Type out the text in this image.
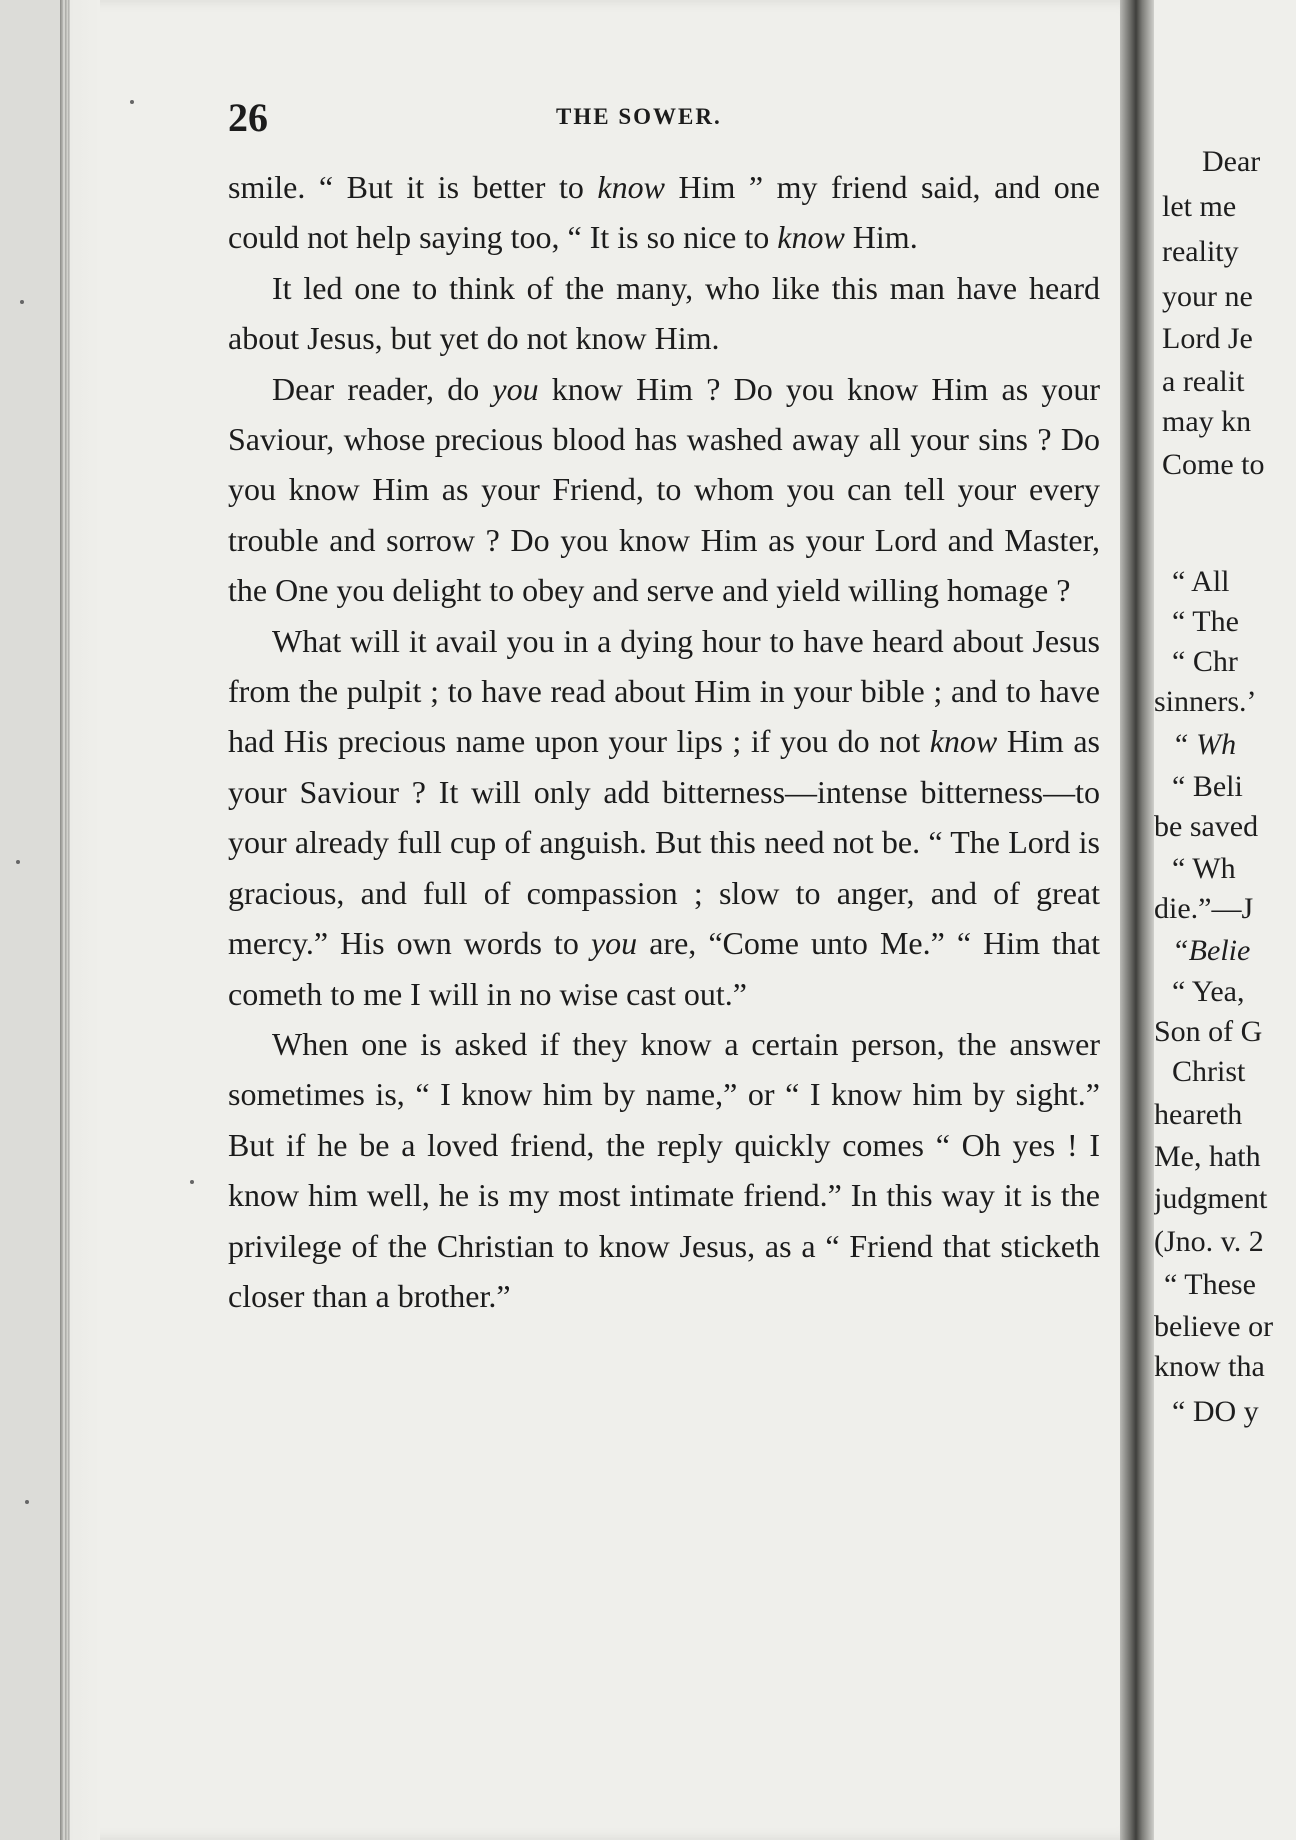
Dear
let me
reality
your ne
Lord Je
a realit
may kn
Come to
“ All
“ The
“ Chr
sinners.’
“ Wh
“ Beli
be saved
“ Wh
die.”—J
“Belie
“ Yea,
Son of G
Christ
heareth
Me, hath
judgment
(Jno. v. 2
“ These
believe or
know tha
“ DO y
26	THE SOWER.

smile. “ But it is better to know Him ” my friend said, and one could not help saying too, “ It is so nice to know Him.

It led one to think of the many, who like this man have heard about Jesus, but yet do not know Him.

Dear reader, do you know Him ? Do you know Him as your Saviour, whose precious blood has washed away all your sins ? Do you know Him as your Friend, to whom you can tell your every trouble and sorrow ? Do you know Him as your Lord and Master, the One you delight to obey and serve and yield willing homage ?

What will it avail you in a dying hour to have heard about Jesus from the pulpit ; to have read about Him in your bible ; and to have had His precious name upon your lips ; if you do not know Him as your Saviour ? It will only add bitterness—intense bitterness—to your already full cup of anguish. But this need not be. “ The Lord is gracious, and full of compassion ; slow to anger, and of great mercy.” His own words to you are, “Come unto Me.” “ Him that cometh to me I will in no wise cast out.”

When one is asked if they know a certain person, the answer sometimes is, “ I know him by name,” or “ I know him by sight.” But if he be a loved friend, the reply quickly comes “ Oh yes ! I know him well, he is my most intimate friend.” In this way it is the privilege of the Christian to know Jesus, as a “ Friend that sticketh closer than a brother.”
